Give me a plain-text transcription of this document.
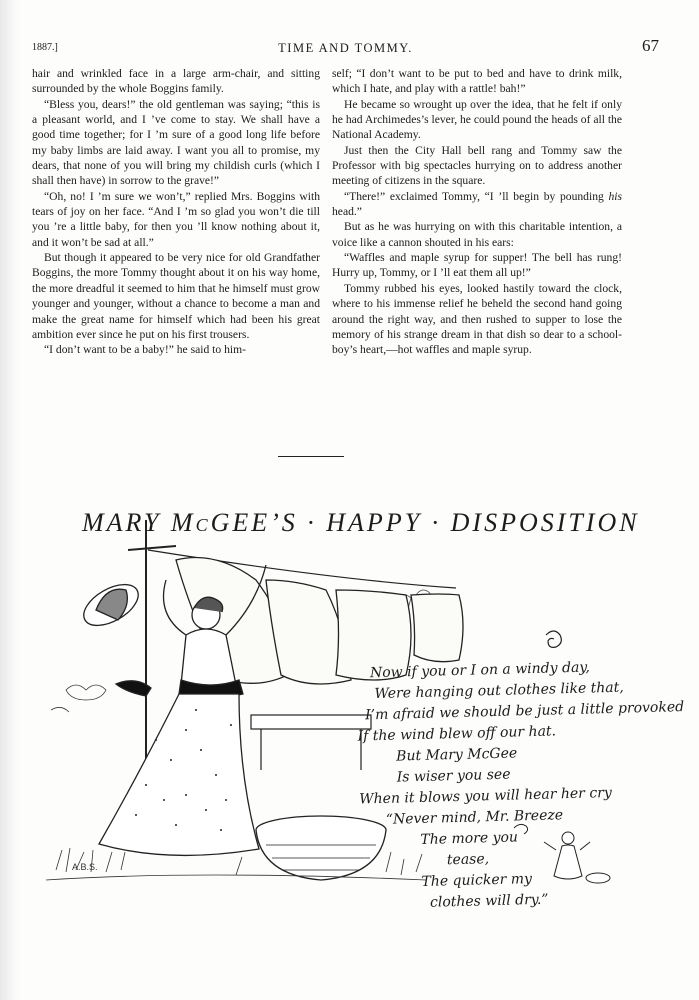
1887.]	TIME AND TOMMY.	67

hair and wrinkled face in a large arm-chair, and sitting surrounded by the whole Boggins family.

“Bless you, dears!” the old gentleman was saying; “this is a pleasant world, and I ’ve come to stay. We shall have a good time together; for I ’m sure of a good long life before my baby limbs are laid away. I want you all to promise, my dears, that none of you will bring my childish curls (which I shall then have) in sorrow to the grave!”

“Oh, no! I ’m sure we won’t,” replied Mrs. Boggins with tears of joy on her face. “And I ’m so glad you won’t die till you ’re a little baby, for then you ’ll know nothing about it, and it won’t be sad at all.”

But though it appeared to be very nice for old Grandfather Boggins, the more Tommy thought about it on his way home, the more dreadful it seemed to him that he himself must grow younger and younger, without a chance to become a man and make the great name for himself which had been his great ambition ever since he put on his first trousers.

“I don’t want to be a baby!” he said to him-

self; “I don’t want to be put to bed and have to drink milk, which I hate, and play with a rattle! bah!”

He became so wrought up over the idea, that he felt if only he had Archimedes’s lever, he could pound the heads of all the National Academy.

Just then the City Hall bell rang and Tommy saw the Professor with big spectacles hurrying on to address another meeting of citizens in the square.

“There!” exclaimed Tommy, “I ’ll begin by pounding his head.”

But as he was hurrying on with this charitable intention, a voice like a cannon shouted in his ears:

“Waffles and maple syrup for supper! The bell has rung! Hurry up, Tommy, or I ’ll eat them all up!”

Tommy rubbed his eyes, looked hastily toward the clock, where to his immense relief he beheld the second hand going around the right way, and then rushed to supper to lose the memory of his strange dream in that dish so dear to a school-boy’s heart,—hot waffles and maple syrup.

MARY McGEE’S · HAPPY · DISPOSITION
Now if you or I on a windy day,
Were hanging out clothes like that,
I’m afraid we should be just a little provoked
If the wind blew off our hat.
But Mary McGee
Is wiser you see
When it blows you will hear her cry
“Never mind, Mr. Breeze
The more you
tease,
The quicker my
clothes will dry.”
A.B.S.
